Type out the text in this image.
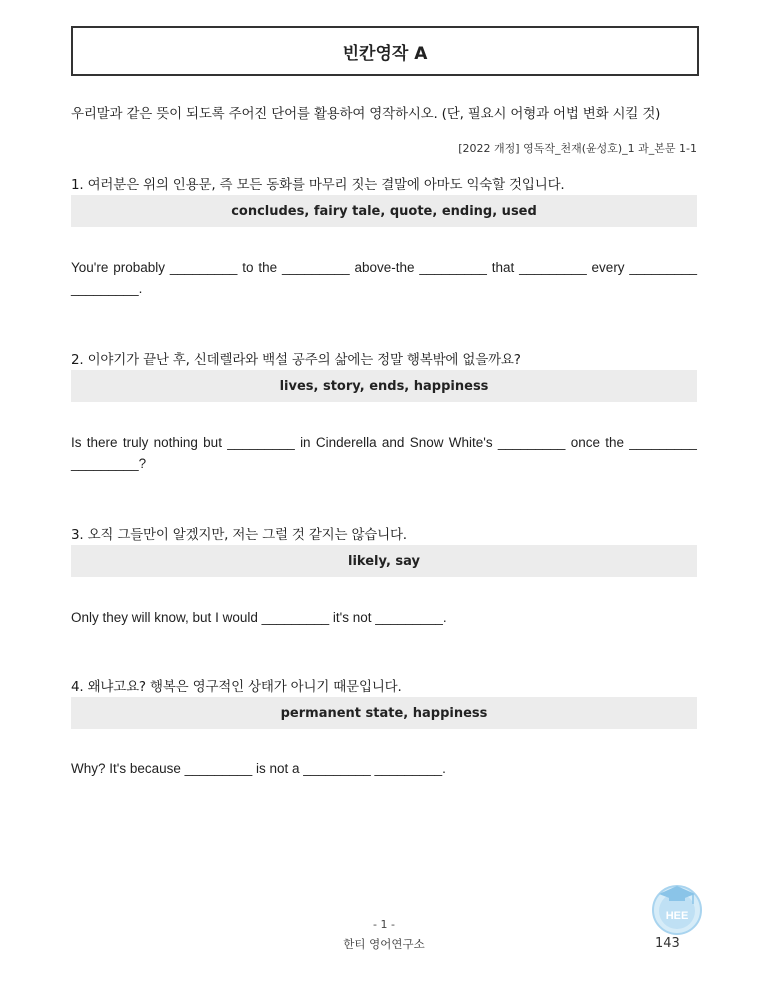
빈칸영작 A
우리말과 같은 뜻이 되도록 주어진 단어를 활용하여 영작하시오. (단, 필요시 어형과 어법 변화 시킬 것)
[2022 개정] 영독작_천재(윤성호)_1 과_본문 1-1
1. 여러분은 위의 인용문, 즉 모든 동화를 마무리 짓는 결말에 아마도 익숙할 것입니다.
concludes, fairy tale, quote, ending, used
You're probably _________ to the _________ above-the _________ that _________ every _________
_________.
2. 이야기가 끝난 후, 신데렐라와 백설 공주의 삶에는 정말 행복밖에 없을까요?
lives, story, ends, happiness
Is there truly nothing but _________ in Cinderella and Snow White's _________ once the _________
_________?
3. 오직 그들만이 알겠지만, 저는 그럴 것 같지는 않습니다.
likely, say
Only they will know, but I would _________ it's not _________.
4. 왜냐고요? 행복은 영구적인 상태가 아니기 때문입니다.
permanent state, happiness
Why? It's because _________ is not a _________ _________.
- 1 -
한티 영어연구소
HEE
143
